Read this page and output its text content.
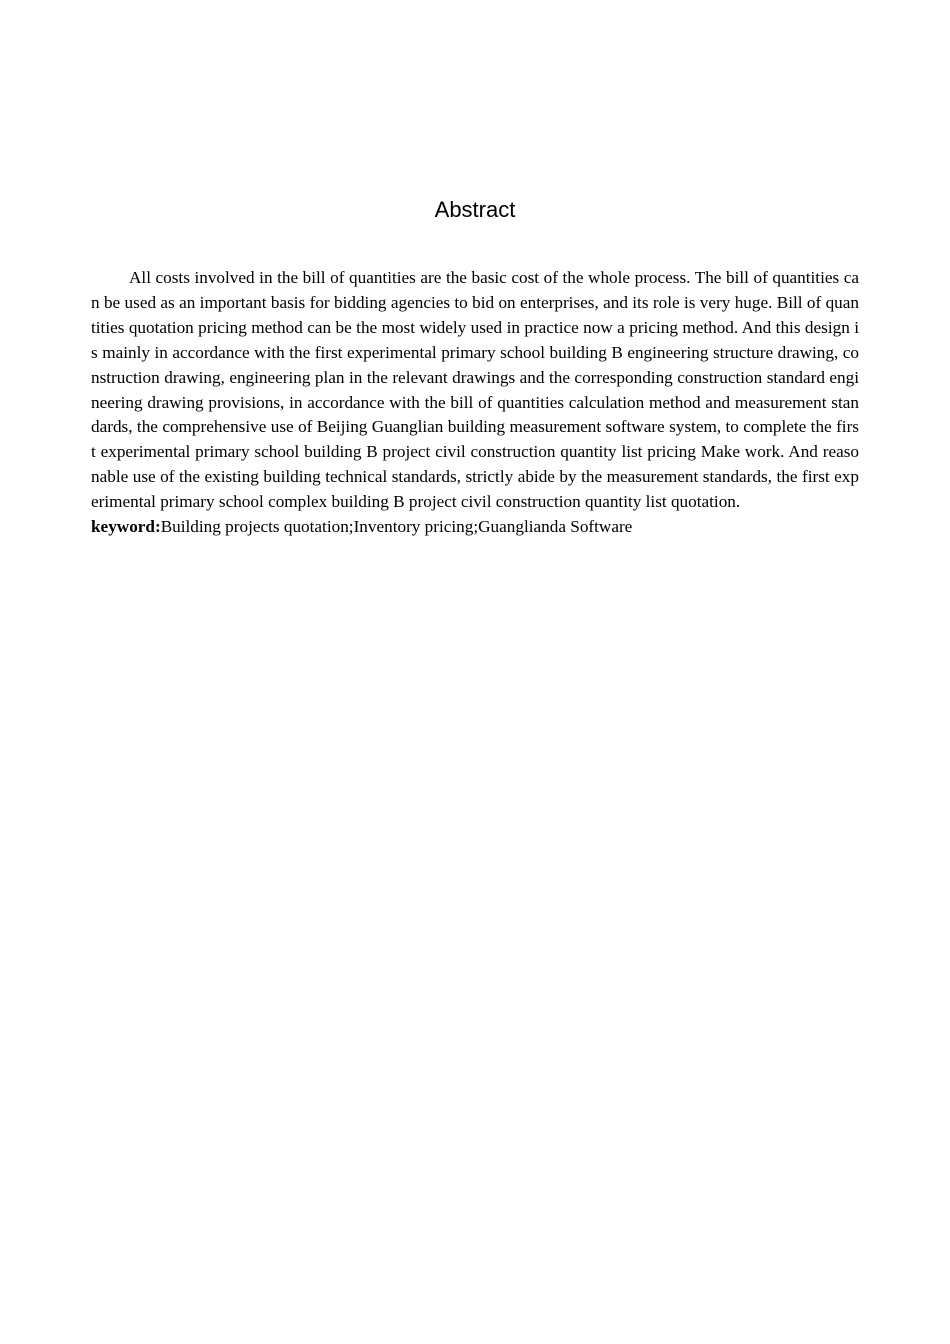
Abstract

All costs involved in the bill of quantities are the basic cost of the whole process. The bill of quantities can be used as an important basis for bidding agencies to bid on enterprises, and its role is very huge. Bill of quantities quotation pricing method can be the most widely used in practice now a pricing method. And this design is mainly in accordance with the first experimental primary school building B engineering structure drawing, construction drawing, engineering plan in the relevant drawings and the corresponding construction standard engineering drawing provisions, in accordance with the bill of quantities calculation method and measurement standards, the comprehensive use of Beijing Guanglian building measurement software system, to complete the first experimental primary school building B project civil construction quantity list pricing Make work. And reasonable use of the existing building technical standards, strictly abide by the measurement standards, the first experimental primary school complex building B project civil construction quantity list quotation.

keyword:Building projects quotation;Inventory pricing;Guanglianda Software
